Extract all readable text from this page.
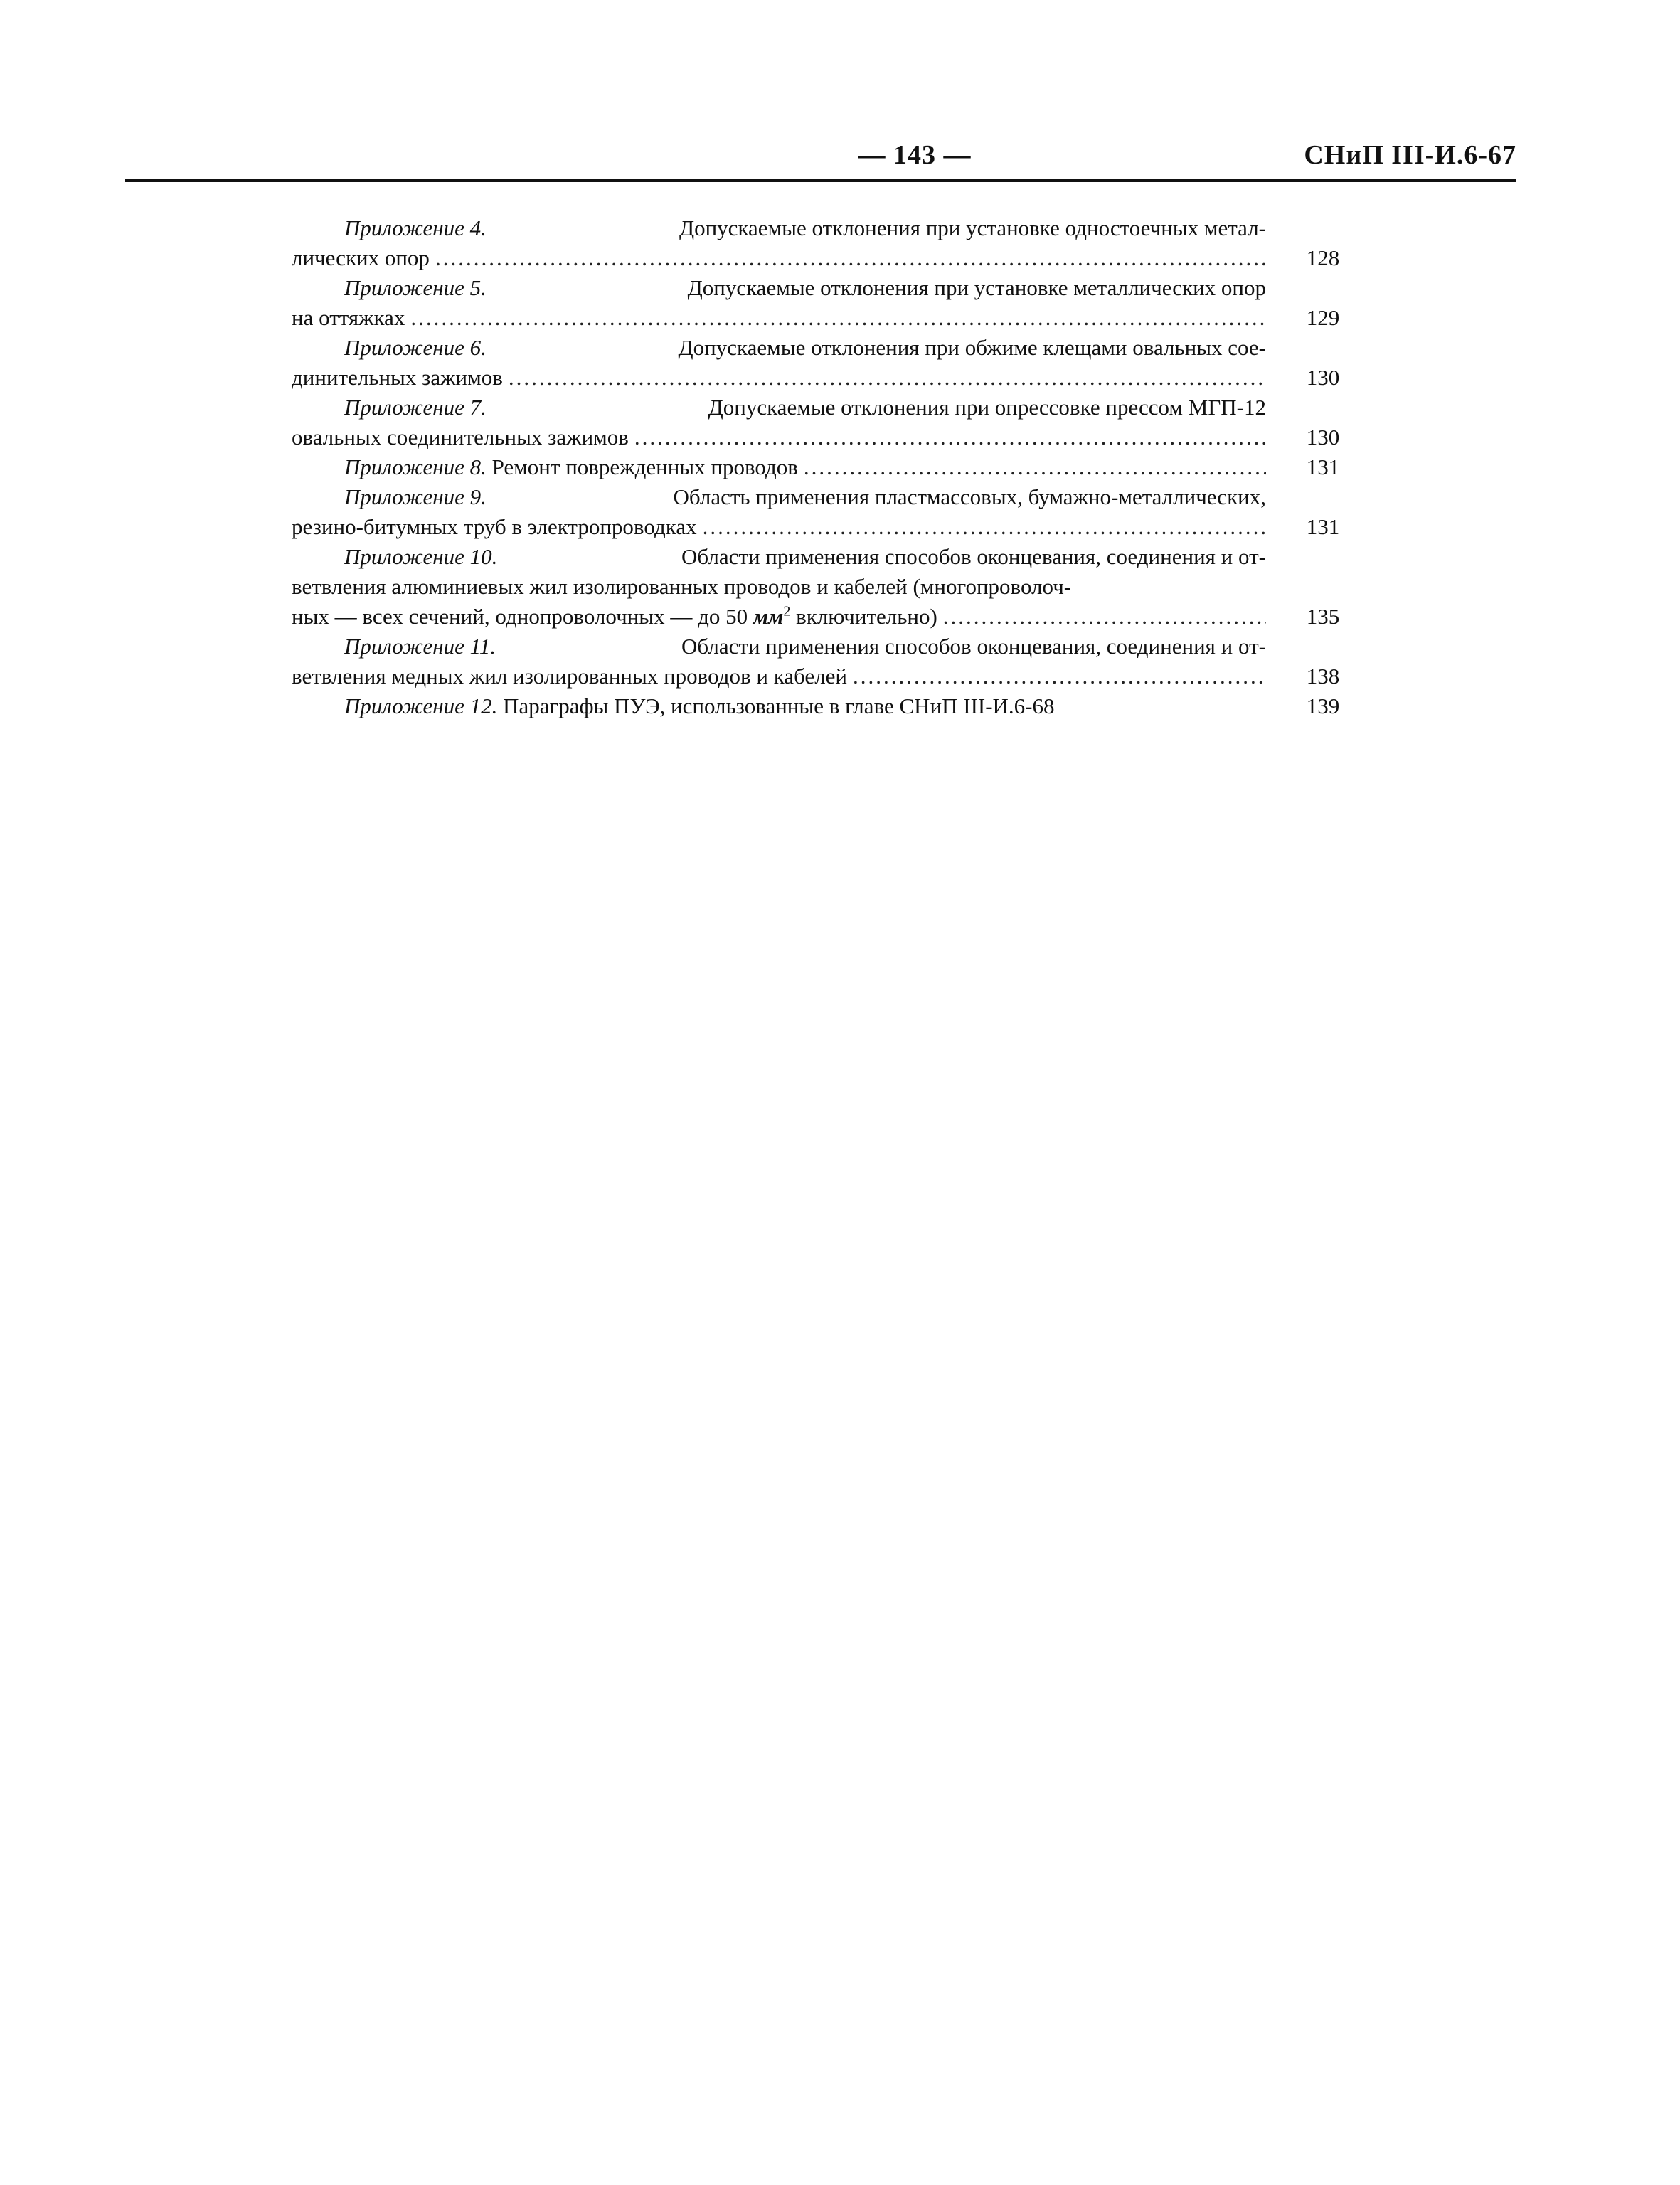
— 143 —	СНиП III-И.6-67
Приложение 4.
	Допускаемые отклонения при установке одностоечных метал-
лических опор .....	128
Приложение 5.
	Допускаемые отклонения при установке металлических опор
на оттяжках .....	129
Приложение 6.
	Допускаемые отклонения при обжиме клещами овальных сое-
динительных зажимов .....	130
Приложение 7.
	Допускаемые отклонения при опрессовке прессом МГП-12
овальных соединительных зажимов .....	130
Приложение 8. Ремонт поврежденных проводов .....	131
Приложение 9.
	Область применения пластмассовых, бумажно-металлических,
резино-битумных труб в электропроводках .....	131
Приложение 10.
	Области применения способов оконцевания, соединения и от-
ветвления алюминиевых жил изолированных проводов и кабелей (многопроволоч-
ных — всех сечений, однопроволочных — до 50 $мм^2$ включительно) .....	135
Приложение 11.
	Области применения способов оконцевания, соединения и от-
ветвления медных жил изолированных проводов и кабелей .....	138
Приложение 12. Параграфы ПУЭ, использованные в главе СНиП III-И.6-68	139
